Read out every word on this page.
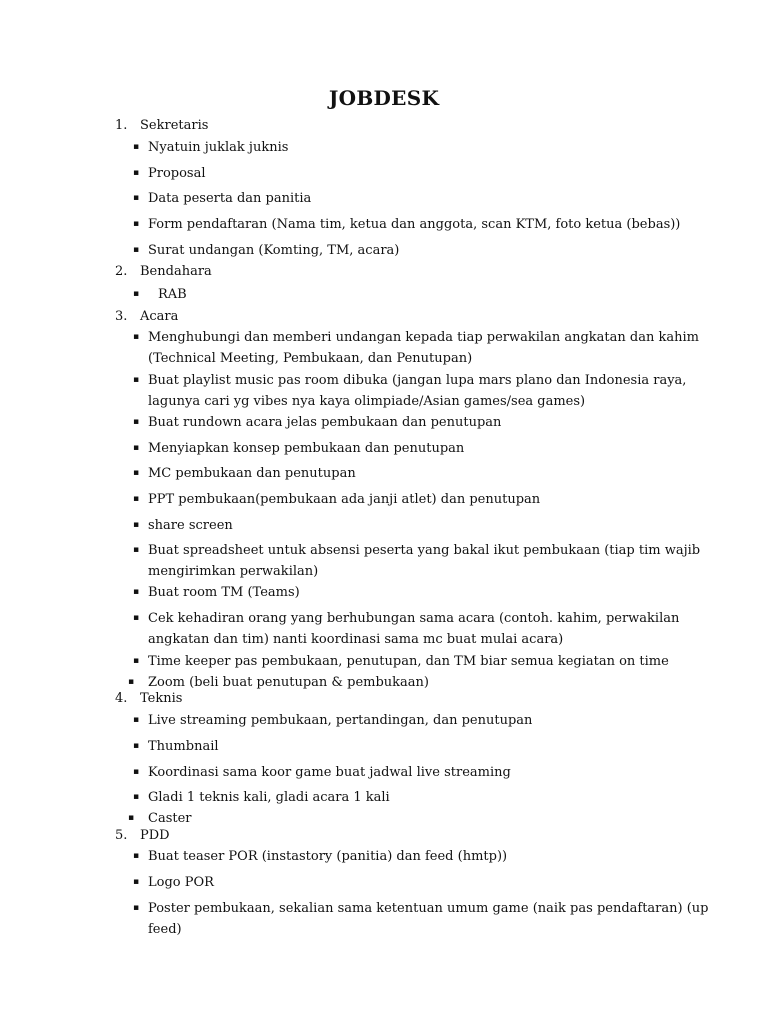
JOBDESK
1. Sekretaris
▪ Nyatuin juklak juknis
▪ Proposal
▪ Data peserta dan panitia
▪ Form pendaftaran (Nama tim, ketua dan anggota, scan KTM, foto ketua (bebas))
▪ Surat undangan (Komting, TM, acara)
2. Bendahara
▪ RAB
3. Acara
▪ Menghubungi dan memberi undangan kepada tiap perwakilan angkatan dan kahim
(Technical Meeting, Pembukaan, dan Penutupan)
▪ Buat playlist music pas room dibuka (jangan lupa mars plano dan Indonesia raya,
lagunya cari yg vibes nya kaya olimpiade/Asian games/sea games)
▪ Buat rundown acara jelas pembukaan dan penutupan
▪ Menyiapkan konsep pembukaan dan penutupan
▪ MC pembukaan dan penutupan
▪ PPT pembukaan(pembukaan ada janji atlet) dan penutupan
▪ share screen
▪ Buat spreadsheet untuk absensi peserta yang bakal ikut pembukaan (tiap tim wajib
mengirimkan perwakilan)
▪ Buat room TM (Teams)
▪ Cek kehadiran orang yang berhubungan sama acara (contoh. kahim, perwakilan
angkatan dan tim) nanti koordinasi sama mc buat mulai acara)
▪ Time keeper pas pembukaan, penutupan, dan TM biar semua kegiatan on time
▪ Zoom (beli buat penutupan & pembukaan)
4. Teknis
▪ Live streaming pembukaan, pertandingan, dan penutupan
▪ Thumbnail
▪ Koordinasi sama koor game buat jadwal live streaming
▪ Gladi 1 teknis kali, gladi acara 1 kali
▪ Caster
5. PDD
▪ Buat teaser POR (instastory (panitia) dan feed (hmtp))
▪ Logo POR
▪ Poster pembukaan, sekalian sama ketentuan umum game (naik pas pendaftaran) (up
feed)
